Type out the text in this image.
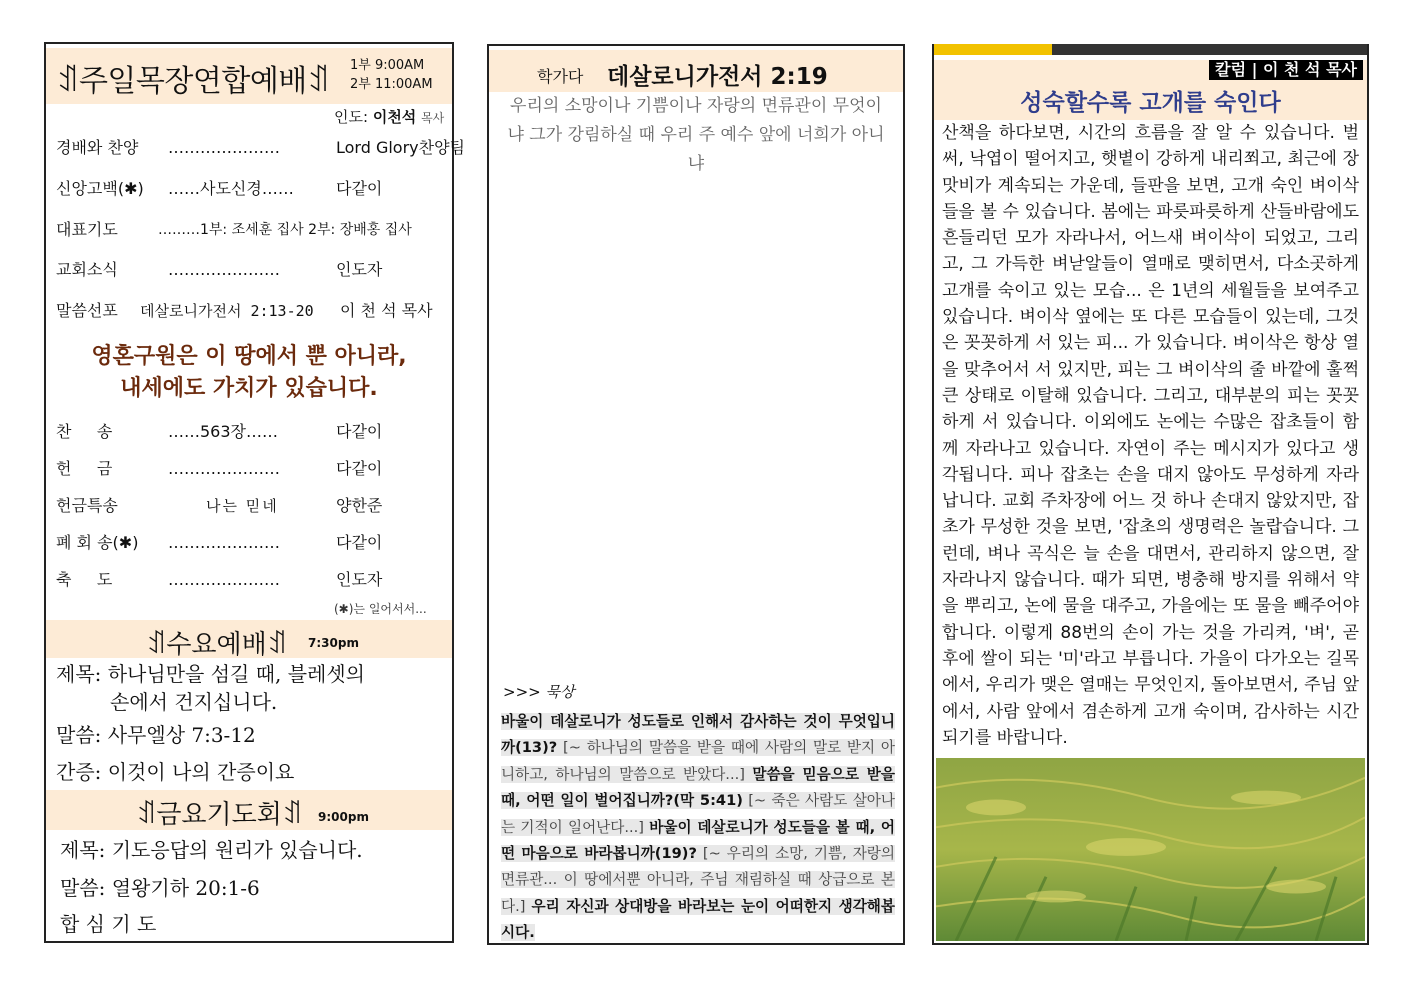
ꀊ주일목장연합예배ꀊ 1부 9:00AM
2부 11:00AM
인도: 이천석 목사
경배와 찬양 …………………	Lord Glory찬양팀
신앙고백(✱) ……사도신경……	다같이
대표기도	………1부: 조세훈 집사 2부: 장배홍 집사
교회소식	…………………	인도자
말씀선포 데살로니가전서 2:13-20 이 천 석 목사
영혼구원은 이 땅에서 뿐 아니라,
내세에도 가치가 있습니다.
찬     송	……563장……	다같이
헌     금	…………………	다같이
헌금특송	나는 믿네	양한준
폐 회 송(✱) …………………	다같이
축     도	…………………	인도자
(✱)는 일어서서...
ꀊ수요예배ꀊ 7:30pm
제목: 하나님만을 섬길 때, 블레셋의
손에서 건지십니다.
말씀: 사무엘상 7:3-12
간증: 이것이 나의 간증이요
ꀊ금요기도회ꀊ 9:00pm
제목: 기도응답의 원리가 있습니다.
말씀: 열왕기하 20:1-6
합 심 기 도
학가다 데살로니가전서 2:19
우리의 소망이나 기쁨이나 자랑의 면류관이 무엇이냐 그가 강림하실 때 우리 주 예수 앞에 너희가 아니냐
>>> 묵상
바울이 데살로니가 성도들로 인해서 감사하는 것이 무엇입니까(13)? [~ 하나님의 말씀을 받을 때에 사람의 말로 받지 아니하고, 하나님의 말씀으로 받았다...] 말씀을 믿음으로 받을 때, 어떤 일이 벌어집니까?(막 5:41) [~ 죽은 사람도 살아나는 기적이 일어난다...] 바울이 데살로니가 성도들을 볼 때, 어떤 마음으로 바라봅니까(19)? [~ 우리의 소망, 기쁨, 자랑의 면류관... 이 땅에서뿐 아니라, 주님 재림하실 때 상급으로 본다.] 우리 자신과 상대방을 바라보는 눈이 어떠한지 생각해봅시다.
칼럼 | 이 천 석 목사
성숙할수록 고개를 숙인다
산책을 하다보면, 시간의 흐름을 잘 알 수 있습니다. 벌써, 낙엽이 떨어지고, 햇볕이 강하게 내리쬐고, 최근에 장맛비가 계속되는 가운데, 들판을 보면, 고개 숙인 벼이삭들을 볼 수 있습니다. 봄에는 파릇파릇하게 산들바람에도 흔들리던 모가 자라나서, 어느새 벼이삭이 되었고, 그리고, 그 가득한 벼낟알들이 열매로 맺히면서, 다소곳하게 고개를 숙이고 있는 모습... 은 1년의 세월들을 보여주고 있습니다. 벼이삭 옆에는 또 다른 모습들이 있는데, 그것은 꼿꼿하게 서 있는 피... 가 있습니다. 벼이삭은 항상 열을 맞추어서 서 있지만, 피는 그 벼이삭의 줄 바깥에 훌쩍 큰 상태로 이탈해 있습니다. 그리고, 대부분의 피는 꼿꼿하게 서 있습니다. 이외에도 논에는 수많은 잡초들이 함께 자라나고 있습니다. 자연이 주는 메시지가 있다고 생각됩니다. 피나 잡초는 손을 대지 않아도 무성하게 자라납니다. 교회 주차장에 어느 것 하나 손대지 않았지만, 잡초가 무성한 것을 보면, '잡초의 생명력은 놀랍습니다. 그런데, 벼나 곡식은 늘 손을 대면서, 관리하지 않으면, 잘 자라나지 않습니다. 때가 되면, 병충해 방지를 위해서 약을 뿌리고, 논에 물을 대주고, 가을에는 또 물을 빼주어야 합니다. 이렇게 88번의 손이 가는 것을 가리켜, '벼', 곧 후에 쌀이 되는 '미'라고 부릅니다. 가을이 다가오는 길목에서, 우리가 맺은 열매는 무엇인지, 돌아보면서, 주님 앞에서, 사람 앞에서 겸손하게 고개 숙이며, 감사하는 시간 되기를 바랍니다.
